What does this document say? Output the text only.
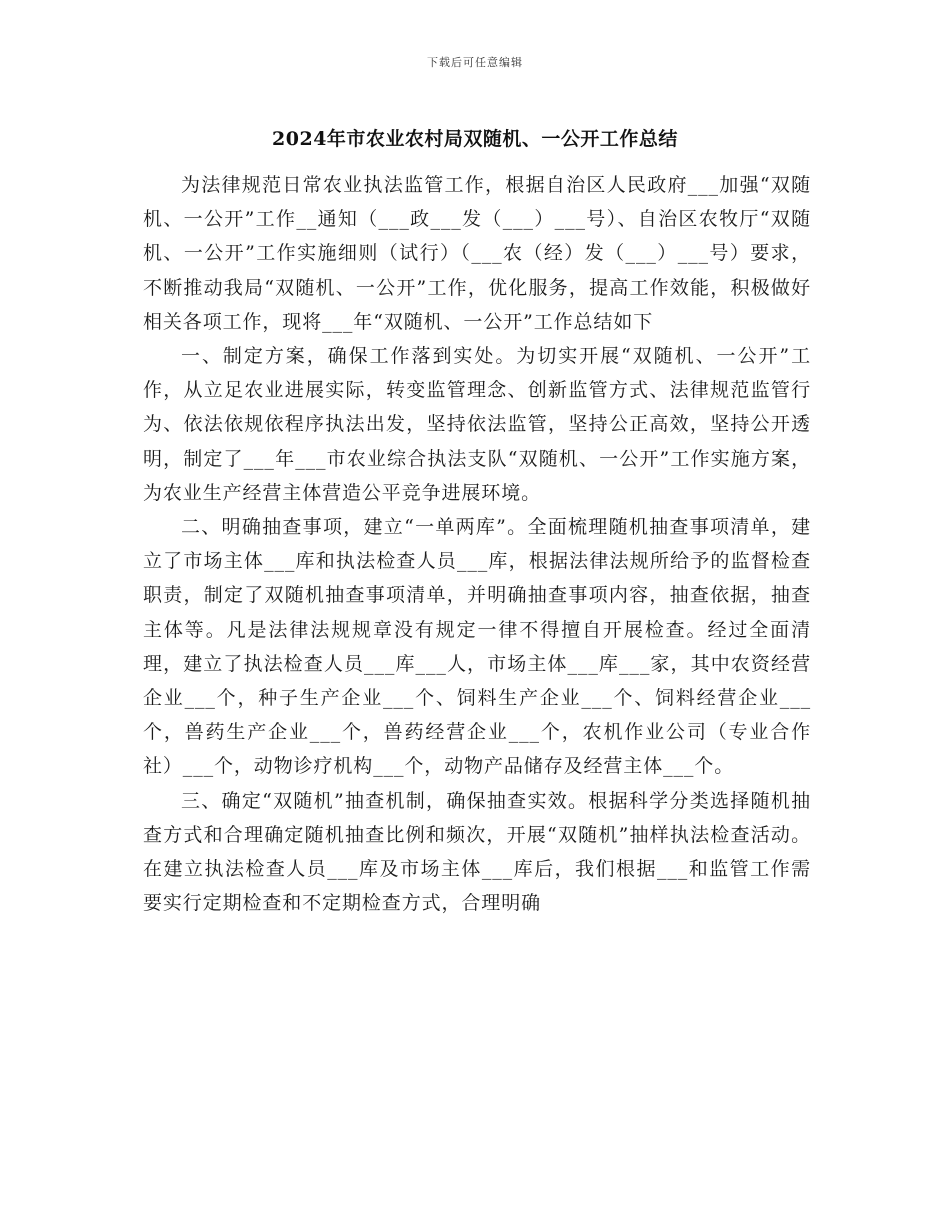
下载后可任意编辑
2024年市农业农村局双随机、一公开工作总结

为法律规范日常农业执法监管工作，根据自治区人民政府___加强“双随机、一公开”工作__通知（___政___发（___）___号）、自治区农牧厅“双随机、一公开”工作实施细则（试行）（___农（经）发（___）___号）要求，不断推动我局“双随机、一公开”工作，优化服务，提高工作效能，积极做好相关各项工作，现将___年“双随机、一公开”工作总结如下

一、制定方案，确保工作落到实处。为切实开展“双随机、一公开”工作，从立足农业进展实际，转变监管理念、创新监管方式、法律规范监管行为、依法依规依程序执法出发，坚持依法监管，坚持公正高效，坚持公开透明，制定了___年___市农业综合执法支队“双随机、一公开”工作实施方案，为农业生产经营主体营造公平竞争进展环境。

二、明确抽查事项，建立“一单两库”。全面梳理随机抽查事项清单，建立了市场主体___库和执法检查人员___库，根据法律法规所给予的监督检查职责，制定了双随机抽查事项清单，并明确抽查事项内容，抽查依据，抽查主体等。凡是法律法规规章没有规定一律不得擅自开展检查。经过全面清理，建立了执法检查人员___库___人，市场主体___库___家，其中农资经营企业___个，种子生产企业___个、饲料生产企业___个、饲料经营企业___个，兽药生产企业___个，兽药经营企业___个，农机作业公司（专业合作社）___个，动物诊疗机构___个，动物产品储存及经营主体___个。

三、确定“双随机”抽查机制，确保抽查实效。根据科学分类选择随机抽查方式和合理确定随机抽查比例和频次，开展“双随机”抽样执法检查活动。在建立执法检查人员___库及市场主体___库后，我们根据___和监管工作需要实行定期检查和不定期检查方式，合理明确
